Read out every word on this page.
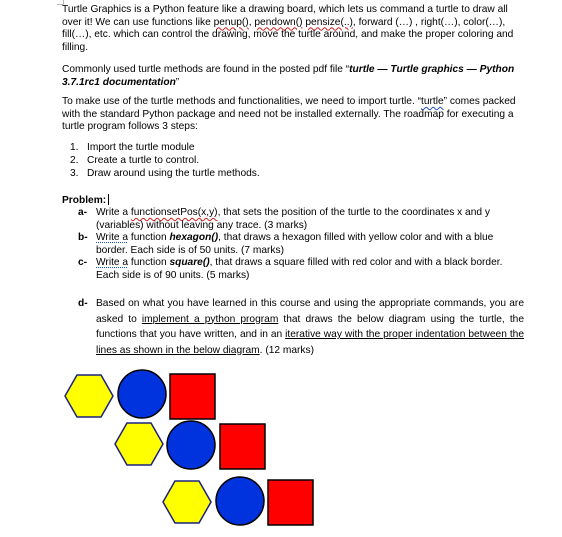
Turtle Graphics is a Python feature like a drawing board, which lets us command a turtle to draw all over it! We can use functions like penup(), pendown() pensize(..), forward (…) , right(…), color(…), fill(…), etc. which can control the drawing, move the turtle around, and make the proper coloring and filling.

Commonly used turtle methods are found in the posted pdf file “turtle — Turtle graphics — Python 3.7.1rc1 documentation”

To make use of the turtle methods and functionalities, we need to import turtle. “turtle” comes packed with the standard Python package and need not be installed externally. The roadmap for executing a turtle program follows 3 steps:

1. Import the turtle module
2. Create a turtle to control.
3. Draw around using the turtle methods.
Problem:
a- Write a functionsetPos(x,y), that sets the position of the turtle to the coordinates x and y (variables) without leaving any trace. (3 marks)
b- Write a function hexagon(), that draws a hexagon filled with yellow color and with a blue border. Each side is of 50 units. (7 marks)
c- Write a function square(), that draws a square filled with red color and with a black border. Each side is of 90 units. (5 marks)
d- Based on what you have learned in this course and using the appropriate commands, you are asked to implement a python program that draws the below diagram using the turtle, the functions that you have written, and in an iterative way with the proper indentation between the lines as shown in the below diagram. (12 marks)
